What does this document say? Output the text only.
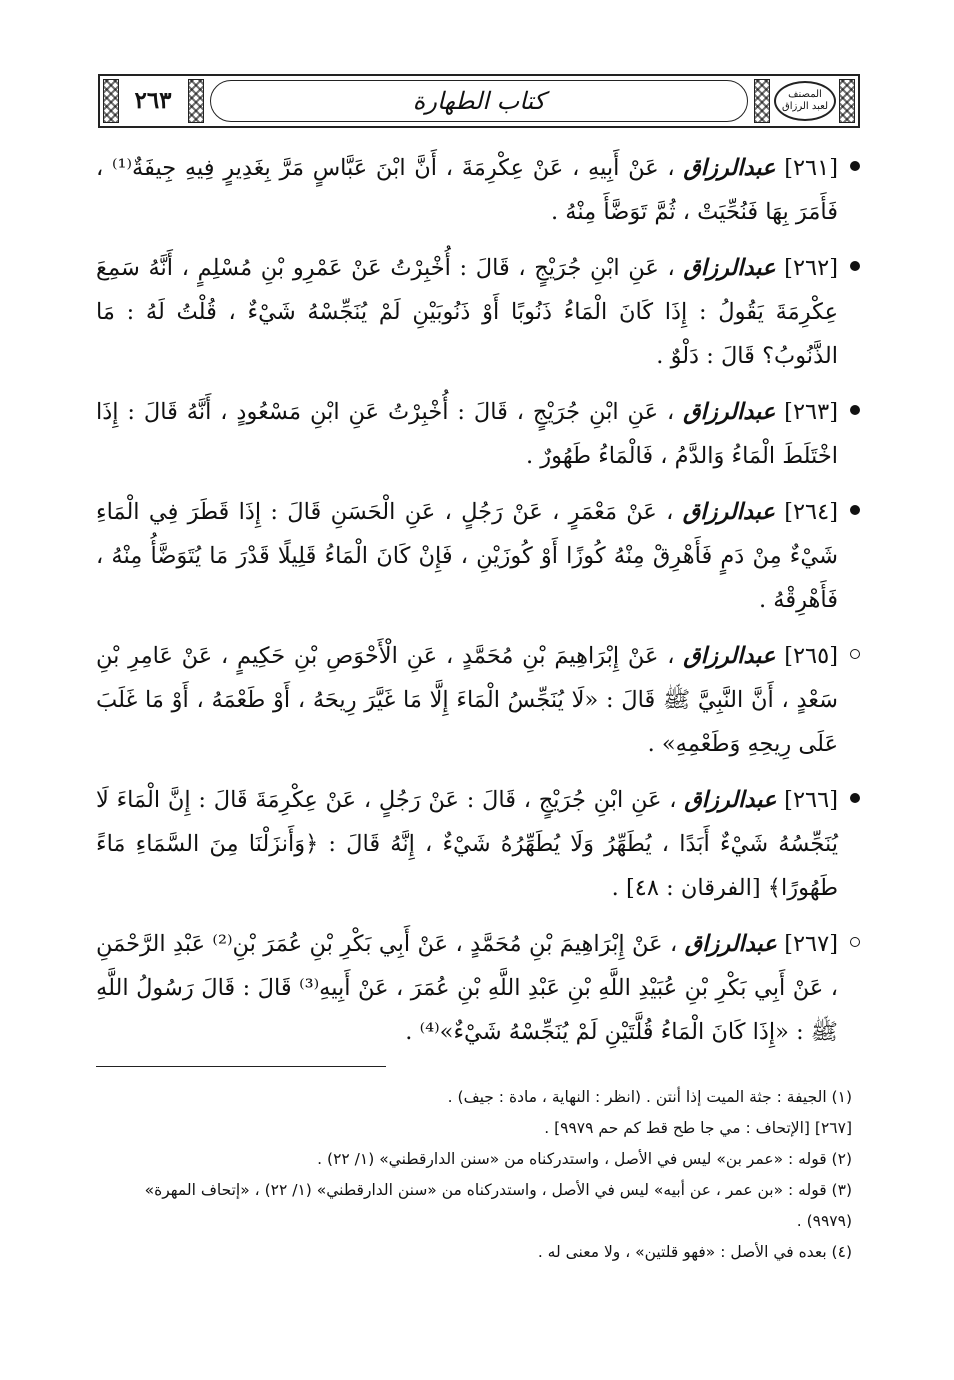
٢٦٣	كتاب الطهارة	المصنف
لعبد الرزاق

[٢٦١] عبدالرزاق ، عَنْ أَبِيهِ ، عَنْ عِكْرِمَةَ ، أَنَّ ابْنَ عَبَّاسٍ مَرَّ بِغَدِيرٍ فِيهِ جِيفَةٌ⁽¹⁾ ، فَأَمَرَ بِهَا فَنُحِّيَتْ ، ثُمَّ تَوَضَّأَ مِنْهُ .

[٢٦٢] عبدالرزاق ، عَنِ ابْنِ جُرَيْجٍ ، قَالَ : أُخْبِرْتُ عَنْ عَمْرِو بْنِ مُسْلِمٍ ، أَنَّهُ سَمِعَ عِكْرِمَةَ يَقُولُ : إِذَا كَانَ الْمَاءُ ذَنُوبًا أَوْ ذَنُوبَيْنِ لَمْ يُنَجِّسْهُ شَيْءٌ ، قُلْتُ لَهُ : مَا الذَّنُوبُ؟ قَالَ : دَلْوٌ .

[٢٦٣] عبدالرزاق ، عَنِ ابْنِ جُرَيْجٍ ، قَالَ : أُخْبِرْتُ عَنِ ابْنِ مَسْعُودٍ ، أَنَّهُ قَالَ : إِذَا اخْتَلَطَ الْمَاءُ وَالدَّمُ ، فَالْمَاءُ طَهُورٌ .

[٢٦٤] عبدالرزاق ، عَنْ مَعْمَرٍ ، عَنْ رَجُلٍ ، عَنِ الْحَسَنِ قَالَ : إِذَا قَطَرَ فِي الْمَاءِ شَيْءٌ مِنْ دَمٍ فَأَهْرِقْ مِنْهُ كُوزًا أَوْ كُوزَيْنِ ، فَإِنْ كَانَ الْمَاءُ قَلِيلًا قَدْرَ مَا يُتَوَضَّأُ مِنْهُ ، فَأَهْرِقْهُ .

[٢٦٥] عبدالرزاق ، عَنْ إِبْرَاهِيمَ بْنِ مُحَمَّدٍ ، عَنِ الْأَحْوَصِ بْنِ حَكِيمٍ ، عَنْ عَامِرِ بْنِ سَعْدٍ ، أَنَّ النَّبِيَّ ﷺ قَالَ : «لَا يُنَجِّسُ الْمَاءَ إِلَّا مَا غَيَّرَ رِيحَهُ ، أَوْ طَعْمَهُ ، أَوْ مَا غَلَبَ عَلَى رِيحِهِ وَطَعْمِهِ» .

[٢٦٦] عبدالرزاق ، عَنِ ابْنِ جُرَيْجٍ ، قَالَ : عَنْ رَجُلٍ ، عَنْ عِكْرِمَةَ قَالَ : إِنَّ الْمَاءَ لَا يُنَجِّسُهُ شَيْءٌ أَبَدًا ، يُطَهِّرُ وَلَا يُطَهِّرُهُ شَيْءٌ ، إِنَّهُ قَالَ : ﴿وَأَنزَلْنَا مِنَ السَّمَاءِ مَاءً طَهُورًا﴾ [الفرقان : ٤٨] .

[٢٦٧] عبدالرزاق ، عَنْ إِبْرَاهِيمَ بْنِ مُحَمَّدٍ ، عَنْ أَبِي بَكْرِ بْنِ عُمَرَ بْنِ⁽²⁾ عَبْدِ الرَّحْمَنِ ، عَنْ أَبِي بَكْرِ بْنِ عُبَيْدِ اللَّهِ بْنِ عَبْدِ اللَّهِ بْنِ عُمَرَ ، عَنْ أَبِيهِ⁽³⁾ قَالَ : قَالَ رَسُولُ اللَّهِ ﷺ : «إِذَا كَانَ الْمَاءُ قُلَّتَيْنِ لَمْ يُنَجِّسْهُ شَيْءٌ»⁽⁴⁾ .

(١) الجيفة : جثة الميت إذا أنتن . (انظر : النهاية ، مادة : جيف) .
[٢٦٧] [الإتحاف : مي جا طح قط كم حم ٩٩٧٩] .
(٢) قوله : «عمر بن» ليس في الأصل ، واستدركناه من «سنن الدارقطني» (١/ ٢٢) .
(٣) قوله : «بن عمر ، عن أبيه» ليس في الأصل ، واستدركناه من «سنن الدارقطني» (١/ ٢٢) ، «إتحاف المهرة» (٩٩٧٩) .
(٤) بعده في الأصل : «فهو قلتين» ، ولا معنى له .
